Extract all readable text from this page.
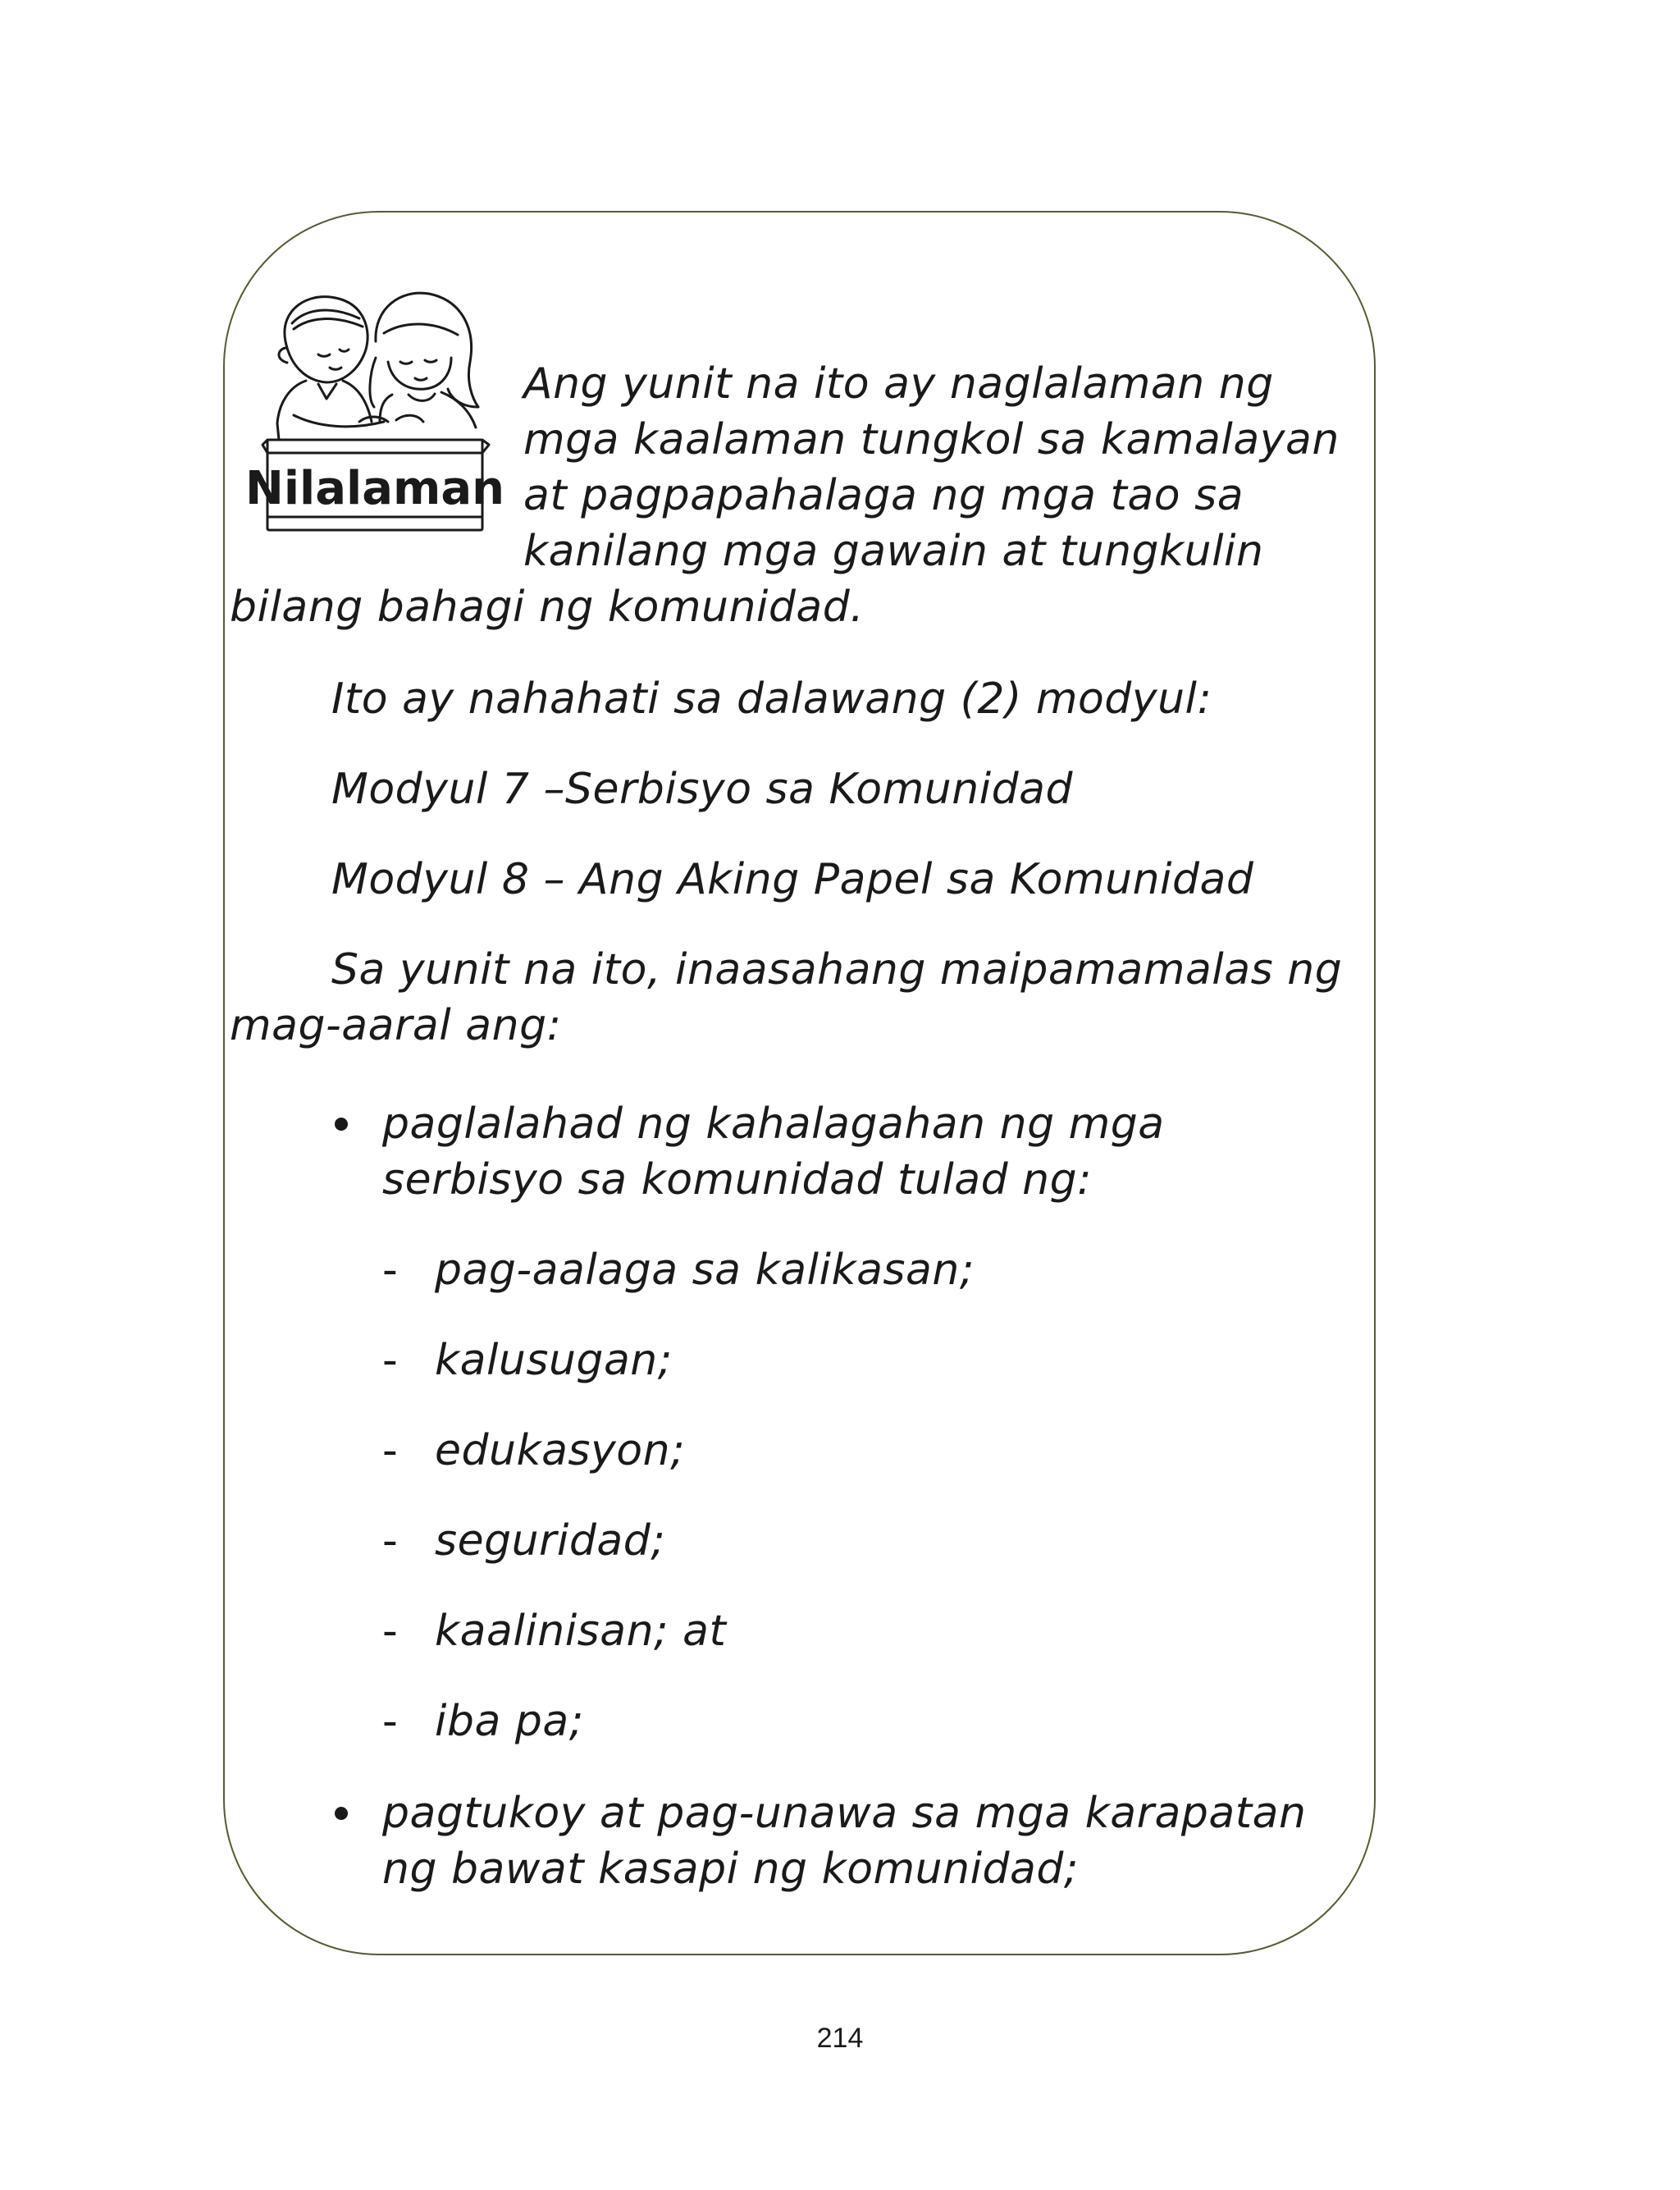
Nilalaman

Ang yunit na ito ay naglalaman ng

mga kaalaman tungkol sa kamalayan

at pagpapahalaga ng mga tao sa

kanilang mga gawain at tungkulin

bilang bahagi ng komunidad.

Ito ay nahahati sa dalawang (2) modyul:

Modyul 7 –Serbisyo sa Komunidad

Modyul 8 – Ang Aking Papel sa Komunidad

Sa yunit na ito, inaasahang maipamamalas ng

mag-aaral ang:

paglalahad ng kahalagahan ng mga

serbisyo sa komunidad tulad ng:

- pag-aalaga sa kalikasan;

- kalusugan;

- edukasyon;

- seguridad;

- kaalinisan; at

- iba pa;

pagtukoy at pag-unawa sa mga karapatan

ng bawat kasapi ng komunidad;

214
